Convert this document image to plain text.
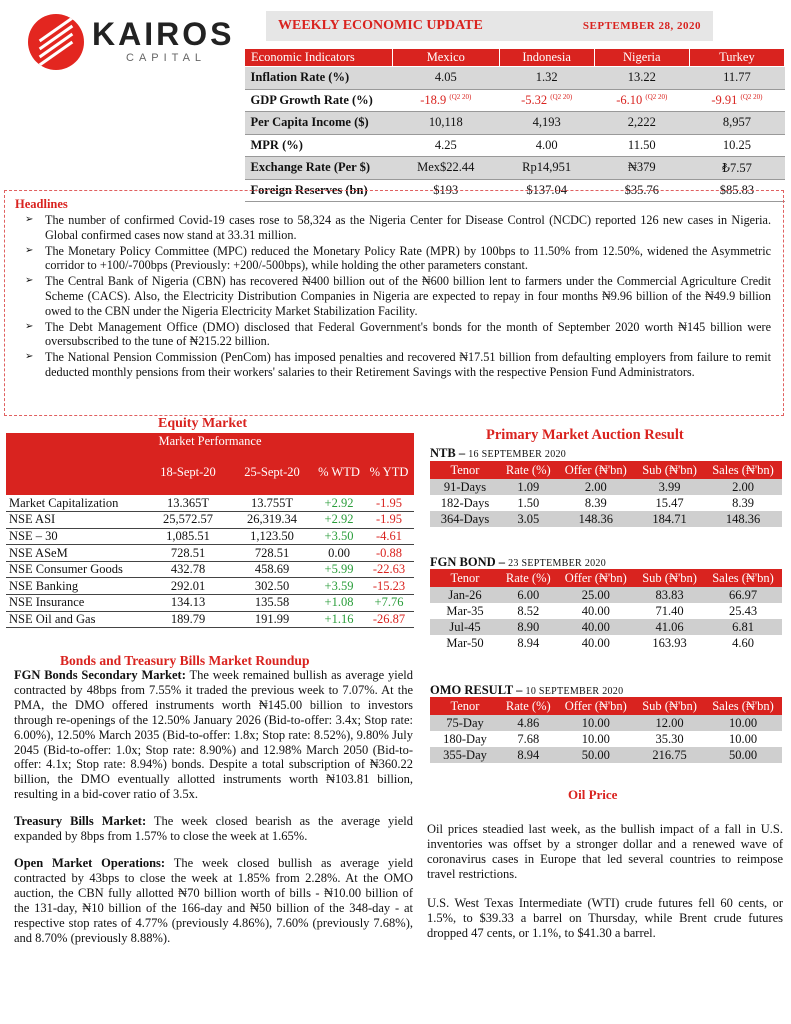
KAIROS
CAPITAL
WEEKLY ECONOMIC UPDATE	SEPTEMBER 28, 2020
Economic Indicators	Mexico	Indonesia	Nigeria	Turkey
Inflation Rate (%)	4.05	1.32	13.22	11.77
GDP Growth Rate (%)	-18.9 $^{(Q2 20)}$	-5.32 $^{(Q2 20)}$	-6.10 $^{(Q2 20)}$	-9.91 $^{(Q2 20)}$
Per Capita Income ($)	10,118	4,193	2,222	8,957
MPR (%)	4.25	4.00	11.50	10.25
Exchange Rate (Per $)	Mex$22.44	Rp14,951	₦379	₺7.57
Foreign Reserves (bn)	$193	$137.04	$35.76	$85.83
Headlines
➢ The number of confirmed Covid-19 cases rose to 58,324 as the Nigeria Center for Disease Control (NCDC) reported 126 new cases in Nigeria. Global confirmed cases now stand at 33.31 million.
➢ The Monetary Policy Committee (MPC) reduced the Monetary Policy Rate (MPR) by 100bps to 11.50% from 12.50%, widened the Asymmetric corridor to +100/-700bps (Previously: +200/-500bps), while holding the other parameters constant.
➢ The Central Bank of Nigeria (CBN) has recovered ₦400 billion out of the ₦600 billion lent to farmers under the Commercial Agriculture Credit Scheme (CACS). Also, the Electricity Distribution Companies in Nigeria are expected to repay in four months ₦9.96 billion of the ₦49.9 billion owed to the CBN under the Nigeria Electricity Market Stabilization Facility.
➢ The Debt Management Office (DMO) disclosed that Federal Government's bonds for the month of September 2020 worth ₦145 billion were oversubscribed to the tune of ₦215.22 billion.
➢ The National Pension Commission (PenCom) has imposed penalties and recovered ₦17.51 billion from defaulting employers from failure to remit deducted monthly pensions from their workers' salaries to their Retirement Savings with the respective Pension Fund Administrators.
Equity Market
Market Performance				
	18-Sept-20	25-Sept-20	% WTD	% YTD
Market Capitalization	13.365T	13.755T	+2.92	-1.95
NSE ASI	25,572.57	26,319.34	+2.92	-1.95
NSE – 30	1,085.51	1,123.50	+3.50	-4.61
NSE ASeM	728.51	728.51	0.00	-0.88
NSE Consumer Goods	432.78	458.69	+5.99	-22.63
NSE Banking	292.01	302.50	+3.59	-15.23
NSE Insurance	134.13	135.58	+1.08	+7.76
NSE Oil and Gas	189.79	191.99	+1.16	-26.87
Bonds and Treasury Bills Market Roundup

FGN Bonds Secondary Market: The week remained bullish as average yield contracted by 48bps from 7.55% it traded the previous week to 7.07%. At the PMA, the DMO offered instruments worth ₦145.00 billion to investors through re-openings of the 12.50% January 2026 (Bid-to-offer: 3.4x; Stop rate: 6.00%), 12.50% March 2035 (Bid-to-offer: 1.8x; Stop rate: 8.52%), 9.80% July 2045 (Bid-to-offer: 1.0x; Stop rate: 8.90%) and 12.98% March 2050 (Bid-to-offer: 4.1x; Stop rate: 8.94%) bonds. Despite a total subscription of ₦360.22 billion, the DMO eventually allotted instruments worth ₦103.81 billion, resulting in a bid-cover ratio of 3.5x.

Treasury Bills Market: The week closed bearish as the average yield expanded by 8bps from 1.57% to close the week at 1.65%.

Open Market Operations: The week closed bullish as average yield contracted by 43bps to close the week at 1.85% from 2.28%. At the OMO auction, the CBN fully allotted ₦70 billion worth of bills - ₦10.00 billion of the 131-day, ₦10 billion of the 166-day and ₦50 billion of the 348-day - at respective stop rates of 4.77% (previously 4.86%), 7.60% (previously 7.68%), and 8.70% (previously 8.88%).

Primary Market Auction Result
NTB – 16 SEPTEMBER 2020
Tenor	Rate (%)	Offer (₦'bn)	Sub (₦'bn)	Sales (₦'bn)
91-Days	1.09	2.00	3.99	2.00
182-Days	1.50	8.39	15.47	8.39
364-Days	3.05	148.36	184.71	148.36
FGN BOND – 23 SEPTEMBER 2020
Tenor	Rate (%)	Offer (₦'bn)	Sub (₦'bn)	Sales (₦'bn)
Jan-26	6.00	25.00	83.83	66.97
Mar-35	8.52	40.00	71.40	25.43
Jul-45	8.90	40.00	41.06	6.81
Mar-50	8.94	40.00	163.93	4.60
OMO RESULT – 10 SEPTEMBER 2020
Tenor	Rate (%)	Offer (₦'bn)	Sub (₦'bn)	Sales (₦'bn)
75-Day	4.86	10.00	12.00	10.00
180-Day	7.68	10.00	35.30	10.00
355-Day	8.94	50.00	216.75	50.00
Oil Price

Oil prices steadied last week, as the bullish impact of a fall in U.S. inventories was offset by a stronger dollar and a renewed wave of coronavirus cases in Europe that led several countries to reimpose travel restrictions.

U.S. West Texas Intermediate (WTI) crude futures fell 60 cents, or 1.5%, to $39.33 a barrel on Thursday, while Brent crude futures dropped 47 cents, or 1.1%, to $41.30 a barrel.
